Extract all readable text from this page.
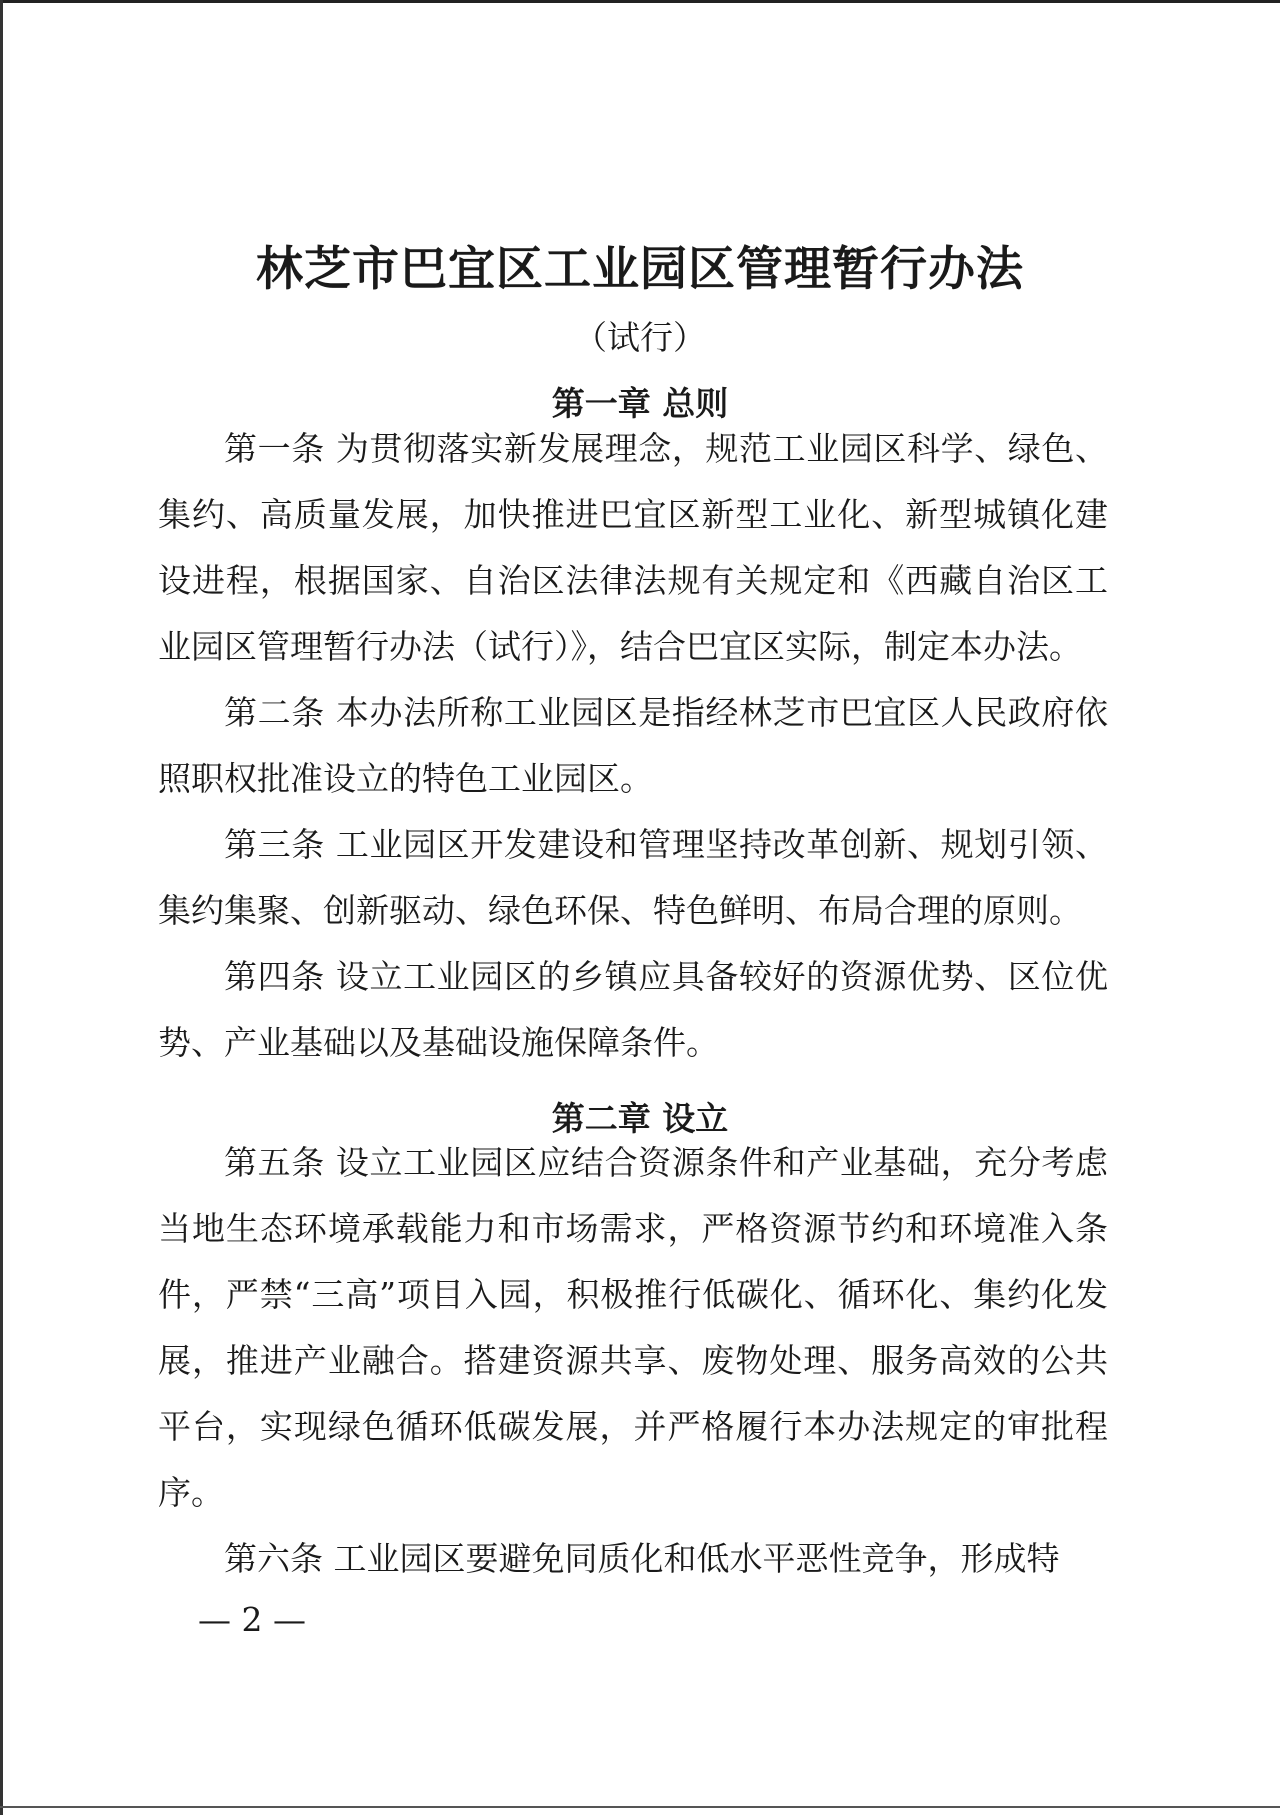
林芝市巴宜区工业园区管理暂行办法
（试行）
第一章 总则
第一条 为贯彻落实新发展理念，规范工业园区科学、绿色、集约、高质量发展，加快推进巴宜区新型工业化、新型城镇化建设进程，根据国家、自治区法律法规有关规定和《西藏自治区工业园区管理暂行办法（试行）》，结合巴宜区实际，制定本办法。
第二条 本办法所称工业园区是指经林芝市巴宜区人民政府依照职权批准设立的特色工业园区。
第三条 工业园区开发建设和管理坚持改革创新、规划引领、集约集聚、创新驱动、绿色环保、特色鲜明、布局合理的原则。
第四条 设立工业园区的乡镇应具备较好的资源优势、区位优势、产业基础以及基础设施保障条件。
第二章 设立
第五条 设立工业园区应结合资源条件和产业基础，充分考虑当地生态环境承载能力和市场需求，严格资源节约和环境准入条件，严禁“三高”项目入园，积极推行低碳化、循环化、集约化发展，推进产业融合。搭建资源共享、废物处理、服务高效的公共平台，实现绿色循环低碳发展，并严格履行本办法规定的审批程序。
第六条 工业园区要避免同质化和低水平恶性竞争，形成特
— 2 —
